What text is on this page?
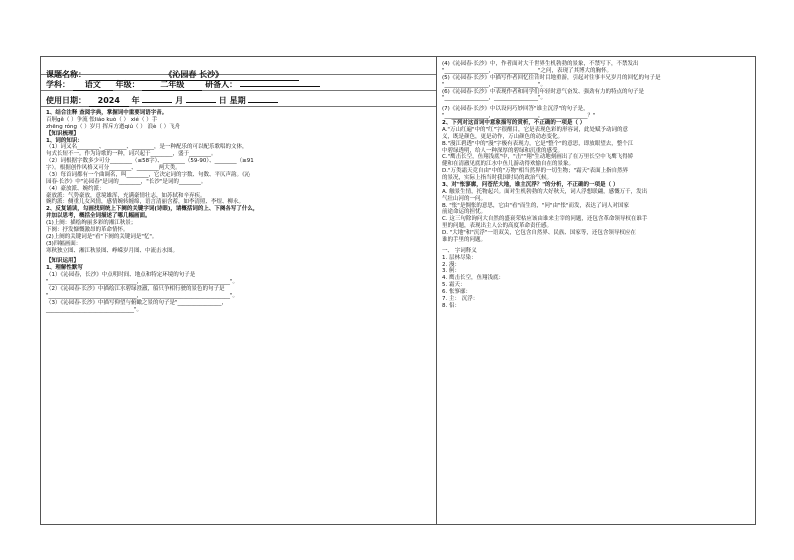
课题名称：	《沁园春 长沙》
学科： 语文 年级：	二年级	研备人：
使用日期： 2024 年	月	日 星期

1、结合注释 查阅字典，掌握词中重要词语字音。

百舸gě（ ）争流 怅liáo kuò（ ） xié（ ）手

zhēng róng（ ）岁月 挥斥方遒qiú（ ） 浪è（ ）飞舟

【知识梳理】

1、词的知识：

（1）词又名________、________、________，是一种配乐的可以配乐歌唱的文体，

句式长短不一。作为诗歌的一种，词兴起于________，盛于________。

（2）词根据字数多少可分________（≤58字）、________（59-90）、________（≥91

字）。根据创作风格又可分________、________两大类。

（3）每首词都有一个曲调名，叫________，它决定词的字数、句数、平仄声韵。《沁

园春·长沙》中"沁园春"是词的________，"长沙"是词的________。

（4）豪放派、婉约派：

豪放派：气势豪放，意境雄浑，充满豪情壮志，如苏轼和辛弃疾。

婉约派：侧重儿女风情，感情婉转缠绵，语言清丽含蓄，如李清照、李煜、柳永。

2、反复诵读，勾画找到统上下阕的关键字词(诗眼)，请概括词的上、下阕各写了什么，

并加以思考，概括全词描述了哪几幅画面。

(1)上阕：描绘绚丽多彩的湘江秋景；

下阕：抒发慷慨激昂的革命情怀。

(2)上阕的关键词是"看"下阕的关键词是"忆"。

(3)四幅画面：

寒秋独立图、湘江秋景图、峥嵘岁月图、中流击水图。

【知识运用】

1、理解性默写

（1）《沁园春，长沙》中点明时间、地点和特定环境的句子是

"________________________________，________________________________"。

（2）《沁园春·长沙》中描绘江水碧绿澄澈，船只争相行驶的景色的句子是

"________________________________，________________________________"。

（3）《沁园春·长沙》中描写仰望与俯瞰之景的句子是"________________，

________________________________"。

(4)《沁园春·长沙》中，作者面对大千世界生机勃勃的景象，不禁写下，不禁发出

"________________，________________"之问，表现了其博大的胸怀。

(5)《沁园春·长沙》中描写作者回忆往昔时目地重游，引起对往事丰兄岁月的回忆的句子是

"________________，________________"。

(6)《沁园春·长沙》中表现作者和同学们年轻时意气奋发、强劲有力的特点的句子是

"________________，________________"。

(7)《沁园春·长沙》中以设问巧妙回答"谁主沉浮"的句子是，

"________________，________________，________________？"

2、下列对这首词中意象描写的赏析，不正确的一项是（ ）

A."万山红遍"中的"红"字很醒目，它是表现色彩的形容词，此处赋予动词的意

义，既是颜色，更是动作，万山颜色的动态变化。

B."漫江碧透"中的"漫"字极有表现力，它是"整个"的意思，即放眼望去，整个江

中碧绿透明，给人一种深厚的碧绿和沉重的感受。

C."鹰击长空，鱼翔浅底"中，"击""翔"生动地刻画出了在万里长空中飞鹰飞得矫

健和在清澈见底的江水中鱼儿游动得欢愉自在的景象。

D."万类霜天竞自由"中的"万物"相当然界的一切生物；"霜天"表面上指自然界

的景况，实际上指当时我国时局的政治气候。

3、对"怅寥廓，问苍茫大地，谁主沉浮？"的分析，不正确的一项是（ ）

A. 触景生情，托物起兴。面对生机勃勃的大好秋天，词人浮想联翩，感慨万千，发出

气壮山河的一问。

B. "怅"是惆怅的意思，它由"看"而生的，"问"由"怅"而发，表达了词人对国家

前途命运的担忧。

C. 这三句除询问大自然的盛衰荣枯应该由谁来主宰的问题，还包含革命领导权在谁手

里的问题，表现出主人公的高度革命责任感。

D. "大地"和"沉浮"一语双关，它包含自然界、民族、国家等，还包含领导权应在

谁的手里的问题。

一、 字词释义

1. 层林尽染：

2. 漫：

3. 舸：

4. 鹰击长空，鱼翔浅底：

5. 霜天：

6. 怅寥廓：

7. 主： 沉浮：

8. 侣：
